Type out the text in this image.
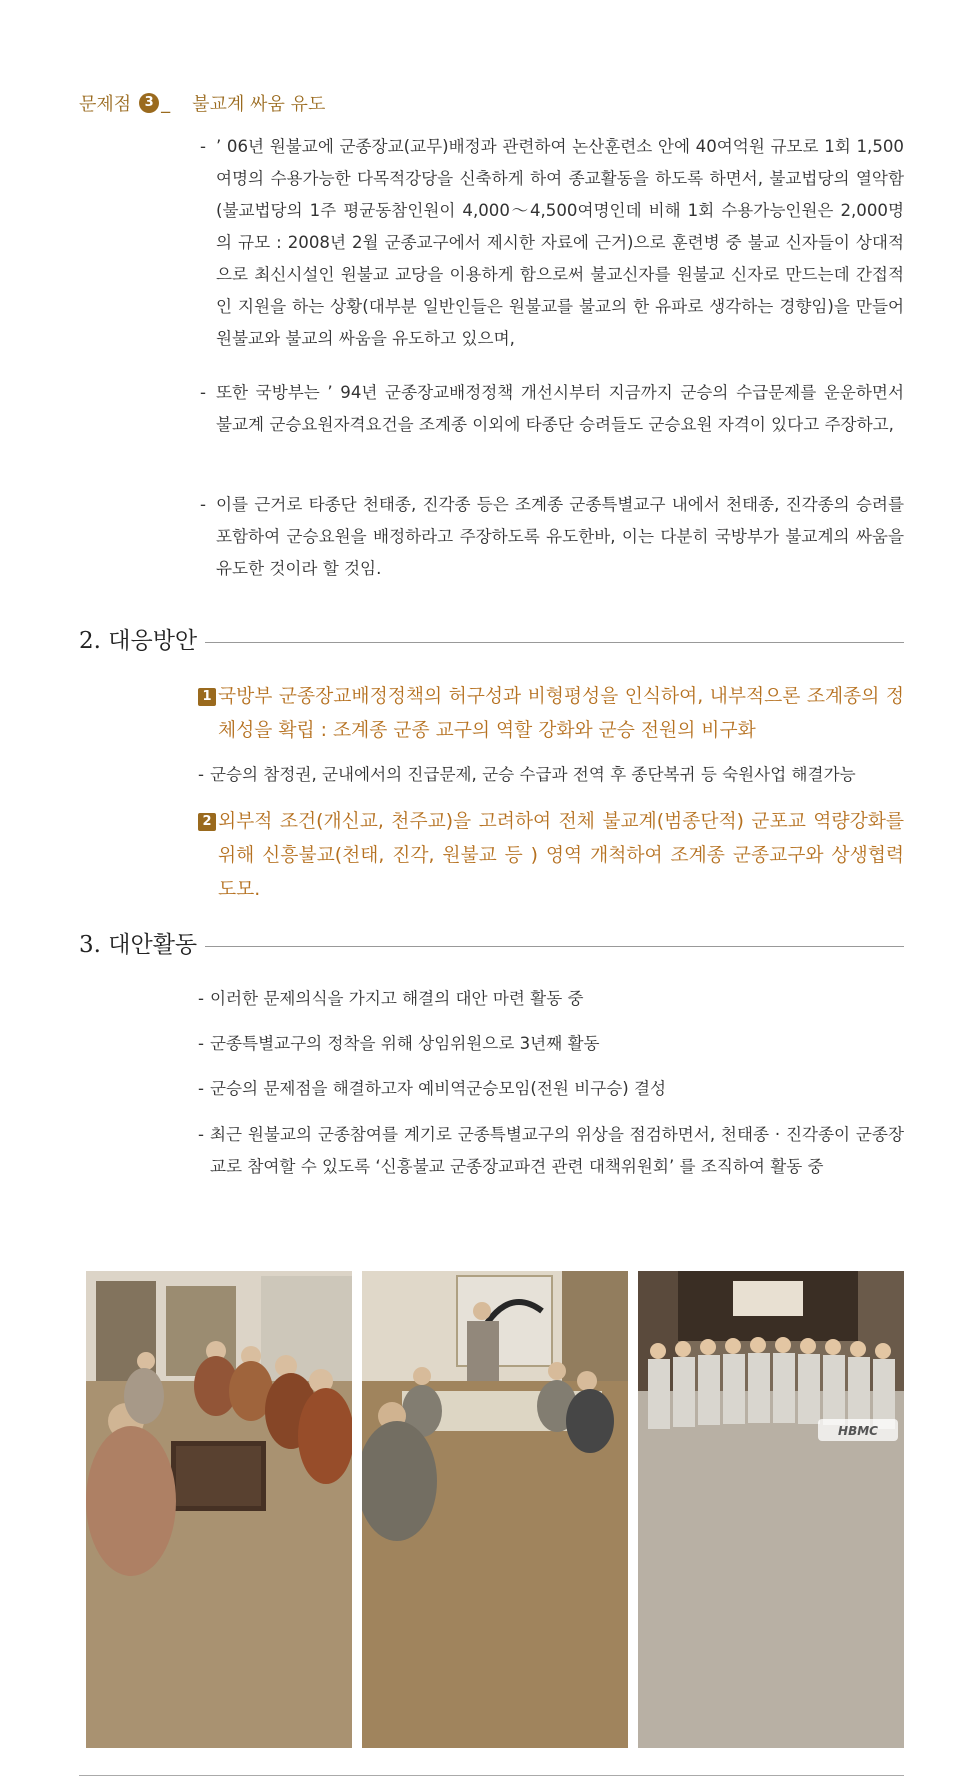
문제점	3 _ 불교계 싸움 유도
- ’ 06년 원불교에 군종장교(교무)배정과 관련하여 논산훈련소 안에 40여억원 규모로 1회 1,500여명의 수용가능한 다목적강당을 신축하게 하여 종교활동을 하도록 하면서, 불교법당의 열악함(불교법당의 1주 평균동참인원이 4,000～4,500여명인데 비해 1회 수용가능인원은 2,000명의 규모 : 2008년 2월 군종교구에서 제시한 자료에 근거)으로 훈련병 중 불교 신자들이 상대적으로 최신시설인 원불교 교당을 이용하게 함으로써 불교신자를 원불교 신자로 만드는데 간접적인 지원을 하는 상황(대부분 일반인들은 원불교를 불교의 한 유파로 생각하는 경향임)을 만들어 원불교와 불교의 싸움을 유도하고 있으며,
- 또한 국방부는 ’ 94년 군종장교배정정책 개선시부터 지금까지 군승의 수급문제를 운운하면서 불교계 군승요원자격요건을 조계종 이외에 타종단 승려들도 군승요원 자격이 있다고 주장하고,
- 이를 근거로 타종단 천태종, 진각종 등은 조계종 군종특별교구 내에서 천태종, 진각종의 승려를 포함하여 군승요원을 배정하라고 주장하도록 유도한바, 이는 다분히 국방부가 불교계의 싸움을 유도한 것이라 할 것임.
2. 대응방안
1 국방부 군종장교배정정책의 허구성과 비형평성을 인식하여, 내부적으론 조계종의 정체성을 확립 : 조계종 군종 교구의 역할 강화와 군승 전원의 비구화
- 군승의 참정권, 군내에서의 진급문제, 군승 수급과 전역 후 종단복귀 등 숙원사업 해결가능
2 외부적 조건(개신교, 천주교)을 고려하여 전체 불교계(범종단적) 군포교 역량강화를 위해 신흥불교(천태, 진각, 원불교 등 ) 영역 개척하여 조계종 군종교구와 상생협력 도모.
3. 대안활동
- 이러한 문제의식을 가지고 해결의 대안 마련 활동 중
- 군종특별교구의 정착을 위해 상임위원으로 3년째 활동
- 군승의 문제점을 해결하고자 예비역군승모임(전원 비구승) 결성
- 최근 원불교의 군종참여를 계기로 군종특별교구의 위상을 점검하면서, 천태종 · 진각종이 군종장교로 참여할 수 있도록 ‘신흥불교 군종장교파견 관련 대책위원회’ 를 조직하여 활동 중
HBMC
